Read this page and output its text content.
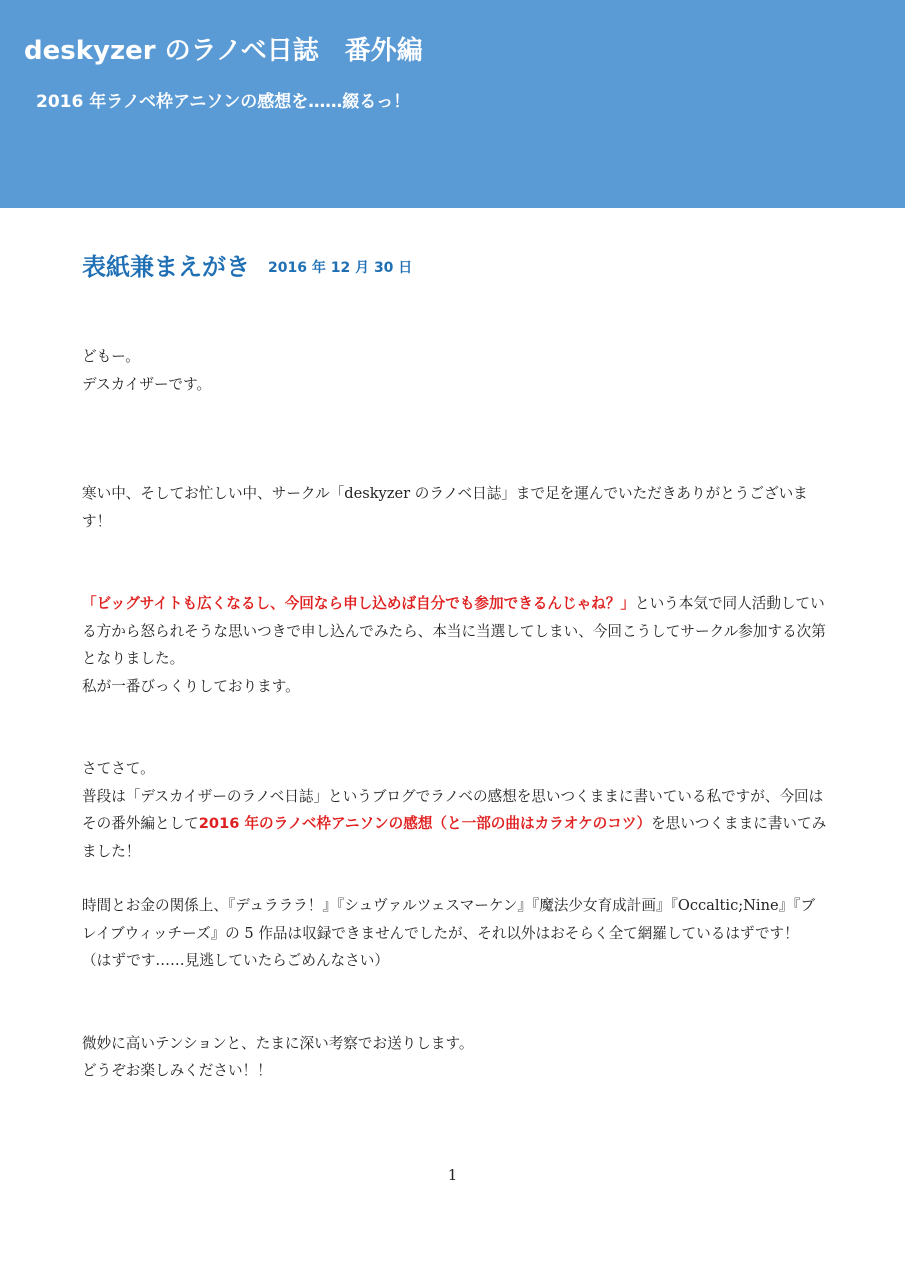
deskyzer のラノベ日誌　番外編
2016 年ラノベ枠アニソンの感想を……綴るっ！
表紙兼まえがき 2016 年 12 月 30 日

どもー。
デスカイザーです。

寒い中、そしてお忙しい中、サークル「deskyzer のラノベ日誌」まで足を運んでいただきありがとうございます！

「ビッグサイトも広くなるし、今回なら申し込めば自分でも参加できるんじゃね？」という本気で同人活動している方から怒られそうな思いつきで申し込んでみたら、本当に当選してしまい、今回こうしてサークル参加する次第となりました。
私が一番びっくりしております。

さてさて。
普段は「デスカイザーのラノベ日誌」というブログでラノベの感想を思いつくままに書いている私ですが、今回はその番外編として2016 年のラノベ枠アニソンの感想（と一部の曲はカラオケのコツ）を思いつくままに書いてみました！

時間とお金の関係上、『デュラララ！』『シュヴァルツェスマーケン』『魔法少女育成計画』『Occaltic;Nine』『ブレイブウィッチーズ』の 5 作品は収録できませんでしたが、それ以外はおそらく全て網羅しているはずです！（はずです……見逃していたらごめんなさい）

微妙に高いテンションと、たまに深い考察でお送りします。
どうぞお楽しみください！！

1
